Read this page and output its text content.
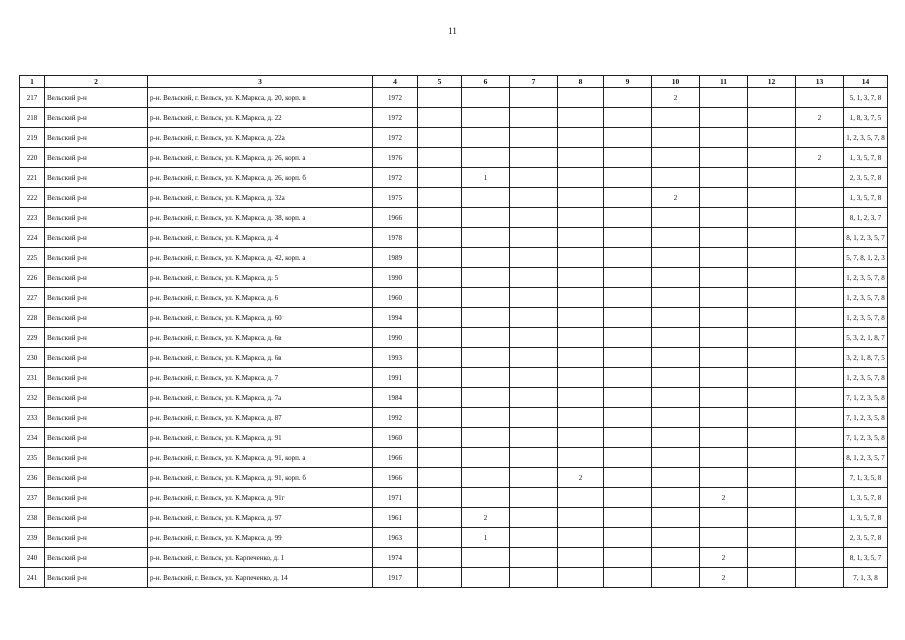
11
1	2	3	4	5	6	7	8	9	10	11	12	13	14
217	Вельский р-н	р-н. Вельский, г. Вельск, ул. К.Маркса, д. 20, корп. в	1972						2				5, 1, 3, 7, 8
218	Вельский р-н	р-н. Вельский, г. Вельск, ул. К.Маркса, д. 22	1972									2	1, 8, 3, 7, 5
219	Вельский р-н	р-н. Вельский, г. Вельск, ул. К.Маркса, д. 22а	1972										1, 2, 3, 5, 7, 8
220	Вельский р-н	р-н. Вельский, г. Вельск, ул. К.Маркса, д. 26, корп. а	1976									2	1, 3, 5, 7, 8
221	Вельский р-н	р-н. Вельский, г. Вельск, ул. К.Маркса, д. 26, корп. б	1972		1								2, 3, 5, 7, 8
222	Вельский р-н	р-н. Вельский, г. Вельск, ул. К.Маркса, д. 32а	1975						2				1, 3, 5, 7, 8
223	Вельский р-н	р-н. Вельский, г. Вельск, ул. К.Маркса, д. 38, корп. а	1966										8, 1, 2, 3, 7
224	Вельский р-н	р-н. Вельский, г. Вельск, ул. К.Маркса, д. 4	1978										8, 1, 2, 3, 5, 7
225	Вельский р-н	р-н. Вельский, г. Вельск, ул. К.Маркса, д. 42, корп. а	1989										5, 7, 8, 1, 2, 3
226	Вельский р-н	р-н. Вельский, г. Вельск, ул. К.Маркса, д. 5	1990										1, 2, 3, 5, 7, 8
227	Вельский р-н	р-н. Вельский, г. Вельск, ул. К.Маркса, д. 6	1960										1, 2, 3, 5, 7, 8
228	Вельский р-н	р-н. Вельский, г. Вельск, ул. К.Маркса, д. 60	1994										1, 2, 3, 5, 7, 8
229	Вельский р-н	р-н. Вельский, г. Вельск, ул. К.Маркса, д. 6в	1990										5, 3, 2, 1, 8, 7
230	Вельский р-н	р-н. Вельский, г. Вельск, ул. К.Маркса, д. 6в	1993										3, 2, 1, 8, 7, 5
231	Вельский р-н	р-н. Вельский, г. Вельск, ул. К.Маркса, д. 7	1991										1, 2, 3, 5, 7, 8
232	Вельский р-н	р-н. Вельский, г. Вельск, ул. К.Маркса, д. 7а	1984										7, 1, 2, 3, 5, 8
233	Вельский р-н	р-н. Вельский, г. Вельск, ул. К.Маркса, д. 87	1992										7, 1, 2, 3, 5, 8
234	Вельский р-н	р-н. Вельский, г. Вельск, ул. К.Маркса, д. 91	1960										7, 1, 2, 3, 5, 8
235	Вельский р-н	р-н. Вельский, г. Вельск, ул. К.Маркса, д. 91, корп. а	1966										8, 1, 2, 3, 5, 7
236	Вельский р-н	р-н. Вельский, г. Вельск, ул. К.Маркса, д. 91, корп. б	1966				2						7, 1, 3, 5, 8
237	Вельский р-н	р-н. Вельский, г. Вельск, ул. К.Маркса, д. 91г	1971							2			1, 3, 5, 7, 8
238	Вельский р-н	р-н. Вельский, г. Вельск, ул. К.Маркса, д. 97	1961		2								1, 3, 5, 7, 8
239	Вельский р-н	р-н. Вельский, г. Вельск, ул. К.Маркса, д. 99	1963		1								2, 3, 5, 7, 8
240	Вельский р-н	р-н. Вельский, г. Вельск, ул. Карпеченко, д. 1	1974							2			8, 1, 3, 5, 7
241	Вельский р-н	р-н. Вельский, г. Вельск, ул. Карпеченко, д. 14	1917							2			7, 1, 3, 8
